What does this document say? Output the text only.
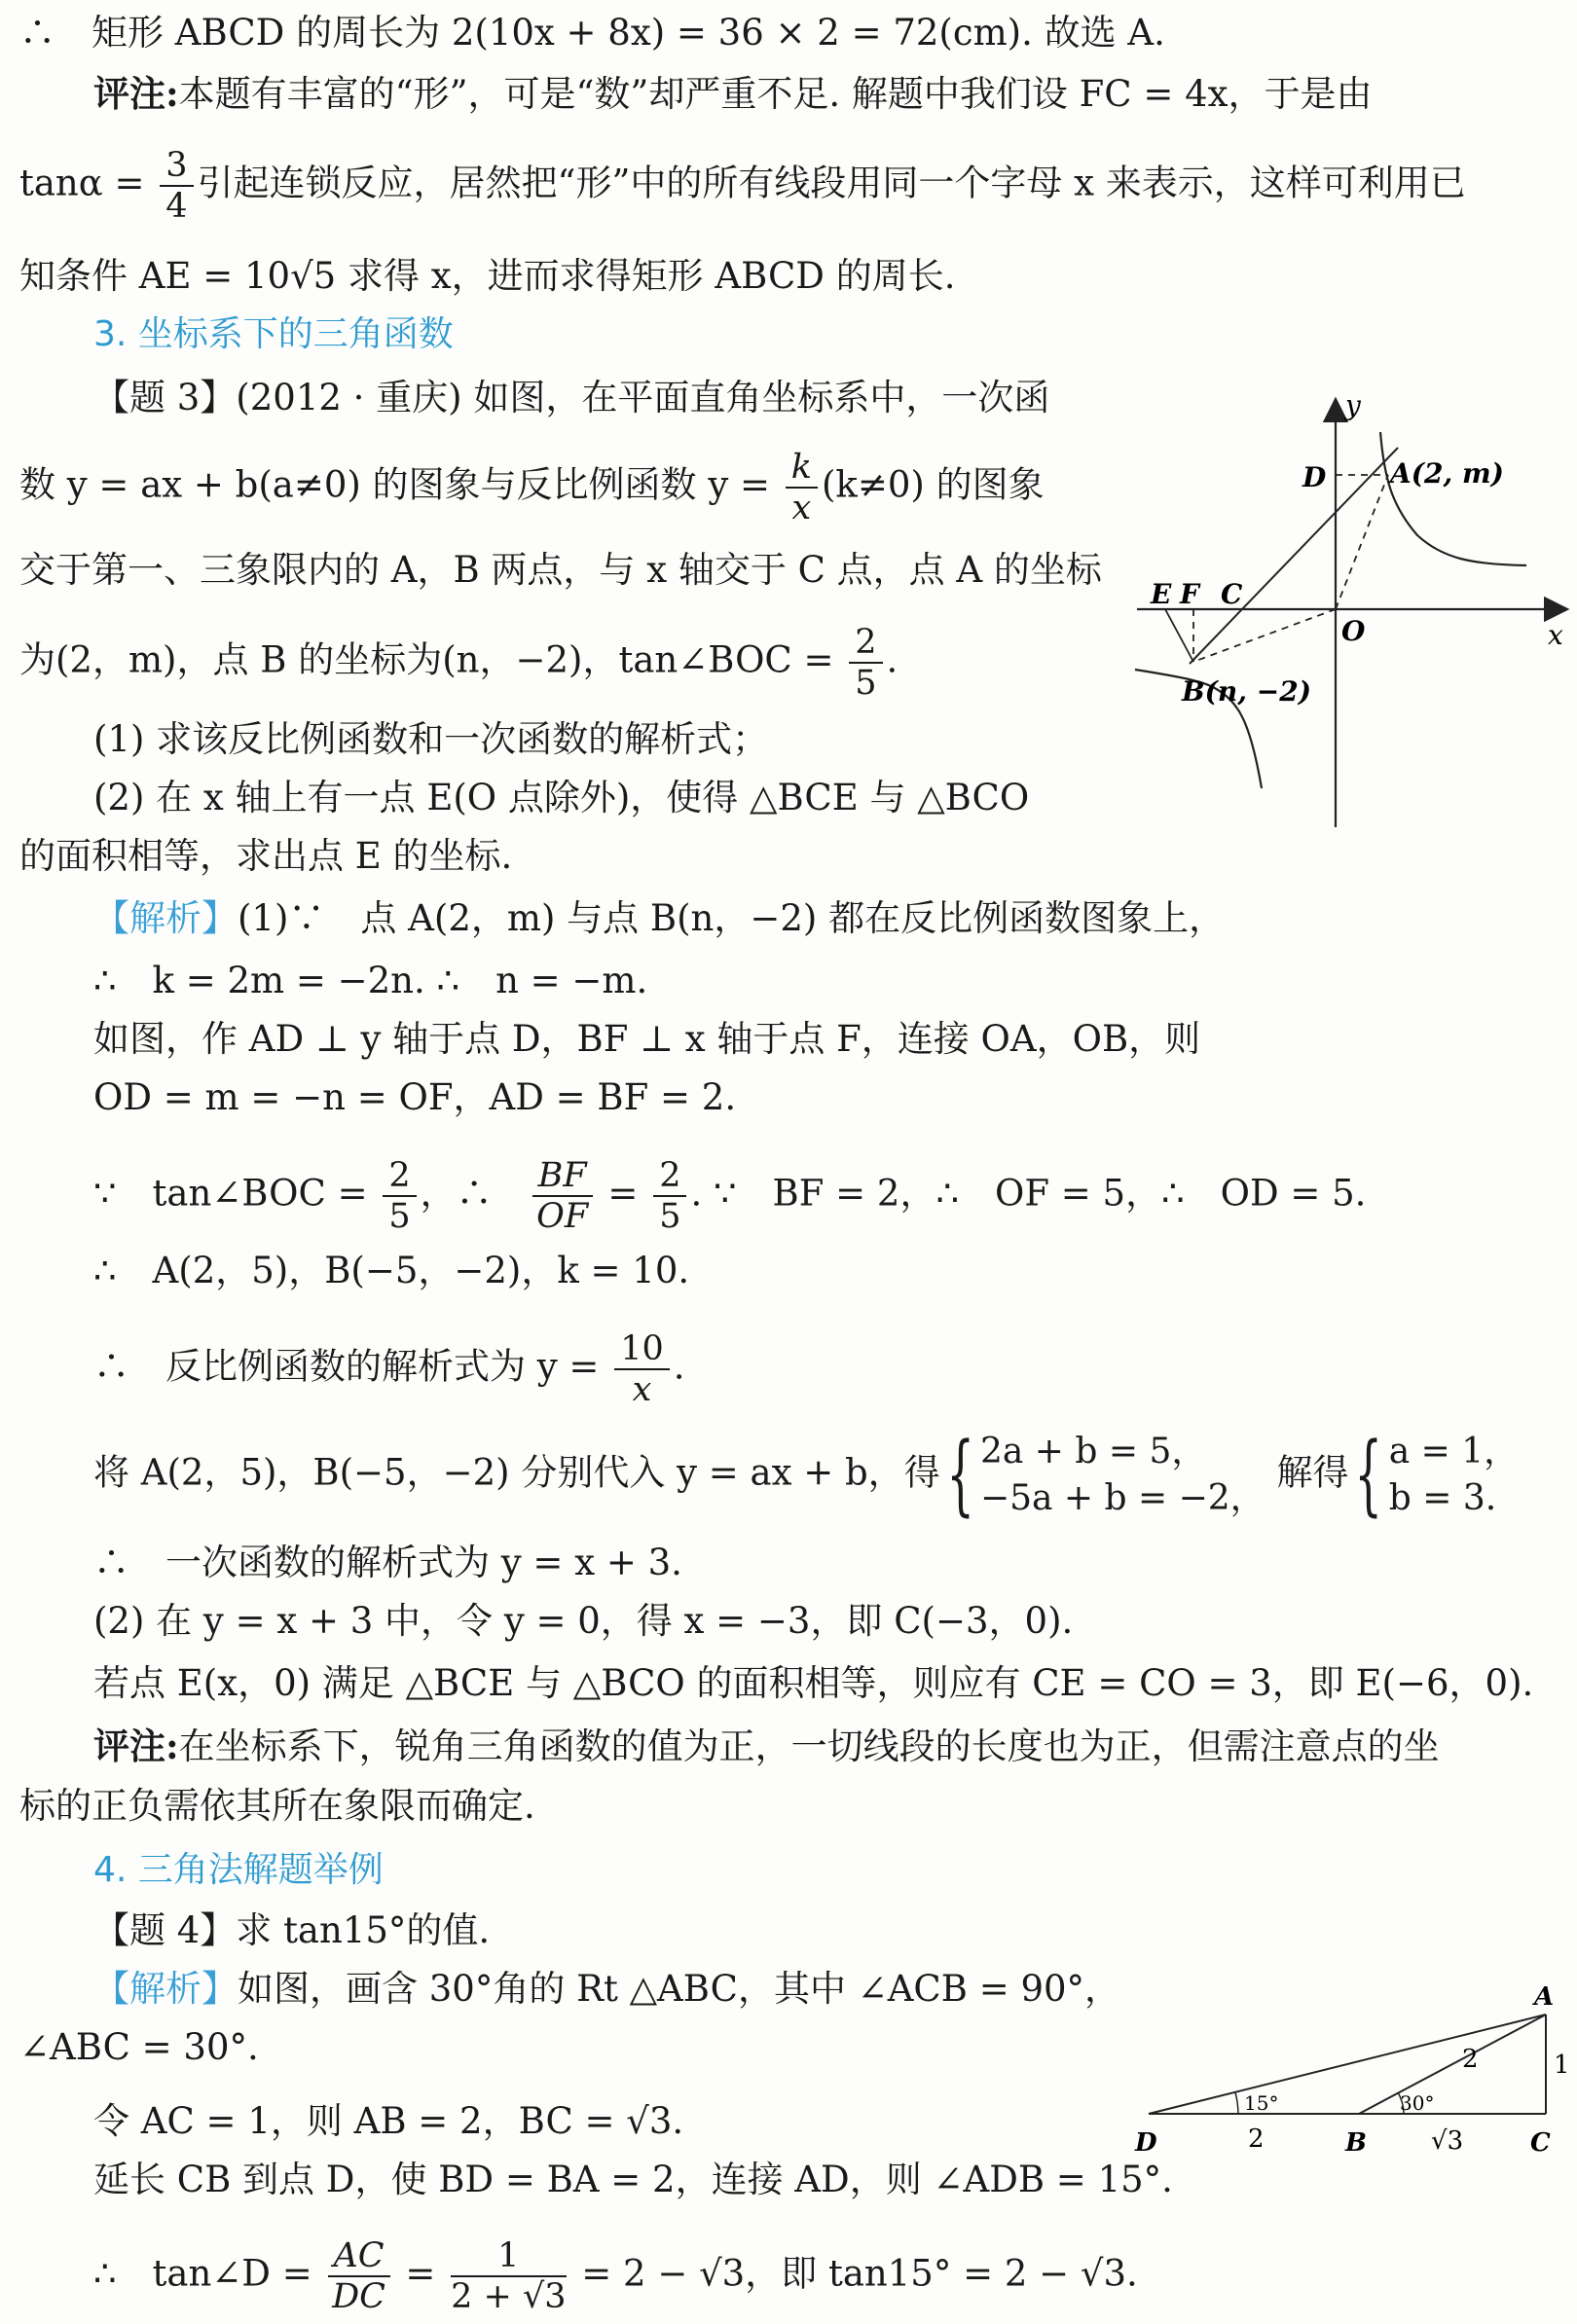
∴　矩形 ABCD 的周长为 2(10x + 8x) = 36 × 2 = 72(cm). 故选 A.
评注:本题有丰富的“形”，可是“数”却严重不足. 解题中我们设 FC = 4x，于是由
$\tan\alpha = \frac{3}{4}$ 引起连锁反应，居然把“形”中的所有线段用同一个字母 x 来表示，这样可利用已
知条件 AE = 10√5 求得 x，进而求得矩形 ABCD 的周长.
3. 坐标系下的三角函数
【题 3】(2012 · 重庆) 如图，在平面直角坐标系中，一次函
数 y = ax + b(a≠0) 的图象与反比例函数 $y = \frac{k}{x} (k\ne 0)$ 的图象
交于第一、三象限内的 A，B 两点，与 x 轴交于 C 点，点 A 的坐标
为(2，m)，点 B 的坐标为(n，−2)，tan∠BOC = $\frac{2}{5}$ .
(1) 求该反比例函数和一次函数的解析式；
(2) 在 x 轴上有一点 E(O 点除外)，使得 △BCE 与 △BCO
的面积相等，求出点 E 的坐标.
y
x
D A(2, m)
E F C
O
B(n, −2)
【解析】(1)∵　点 A(2，m) 与点 B(n，−2) 都在反比例函数图象上，
∴　k = 2m = −2n. ∴　n = −m.
如图，作 AD ⊥ y 轴于点 D，BF ⊥ x 轴于点 F，连接 OA，OB，则
OD = m = −n = OF，AD = BF = 2.
∵　tan∠BOC = $\frac{2}{5}$ ，∴　 $\frac{BF}{OF} = \frac{2}{5}$ . ∵　BF = 2，∴　OF = 5，∴　OD = 5.
∴　A(2，5)，B(−5，−2)，k = 10.
∴　反比例函数的解析式为 $y = \frac{10}{x}$ .
将 A(2，5)，B(−5，−2) 分别代入 y = ax + b，得{ 2a + b = 5，
−5a + b = −2，
解得{ a = 1，
b = 3.
∴　一次函数的解析式为 y = x + 3.
(2) 在 y = x + 3 中，令 y = 0，得 x = −3，即 C(−3，0).
若点 E(x，0) 满足 △BCE 与 △BCO 的面积相等，则应有 CE = CO = 3，即 E(−6，0).
评注:在坐标系下，锐角三角函数的值为正，一切线段的长度也为正，但需注意点的坐
标的正负需依其所在象限而确定.
4. 三角法解题举例
【题 4】求 tan15°的值.
【解析】如图，画含 30°角的 Rt △ABC，其中 ∠ACB = 90°，
∠ABC = 30°.
令 AC = 1，则 AB = 2，BC = √3.
延长 CB 到点 D，使 BD = BA = 2，连接 AD，则 ∠ADB = 15°.
∴　tan∠D = $\frac{AC}{DC} = \frac{1}{2 + √3} = 2 - √3$，即 tan15° = 2 − √3.
A
D	B	C
1
2
2	√3
15°	30°
